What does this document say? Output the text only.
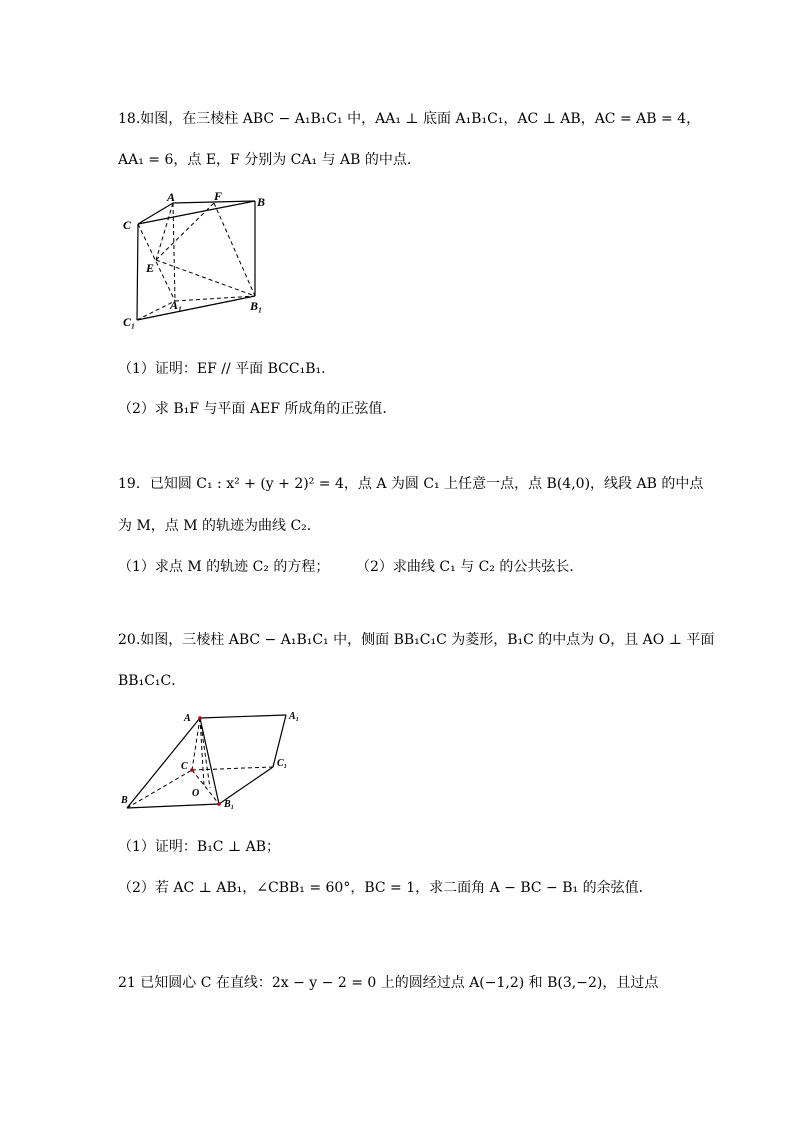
18.如图，在三棱柱 ABC − A₁B₁C₁ 中，AA₁ ⊥ 底面 A₁B₁C₁，AC ⊥ AB，AC = AB = 4，
AA₁ = 6，点 E，F 分别为 CA₁ 与 AB 的中点.
A	F	B
C
E
A₁	B₁
C₁
（1）证明：EF // 平面 BCC₁B₁.
（2）求 B₁F 与平面 AEF 所成角的正弦值.
19．已知圆 C₁ : x² + (y + 2)² = 4，点 A 为圆 C₁ 上任意一点，点 B(4,0)，线段 AB 的中点
为 M，点 M 的轨迹为曲线 C₂．
（1）求点 M 的轨迹 C₂ 的方程； （2）求曲线 C₁ 与 C₂ 的公共弦长．
20.如图，三棱柱 ABC − A₁B₁C₁ 中，侧面 BB₁C₁C 为菱形，B₁C 的中点为 O，且 AO ⊥ 平面
BB₁C₁C．
A	A₁
C	C₁
O
B	B₁
（1）证明：B₁C ⊥ AB；
（2）若 AC ⊥ AB₁，∠CBB₁ = 60°，BC = 1，求二面角 A − BC − B₁ 的余弦值．
21 已知圆心 C 在直线：2x − y − 2 = 0 上的圆经过点 A(−1,2) 和 B(3,−2)，且过点
